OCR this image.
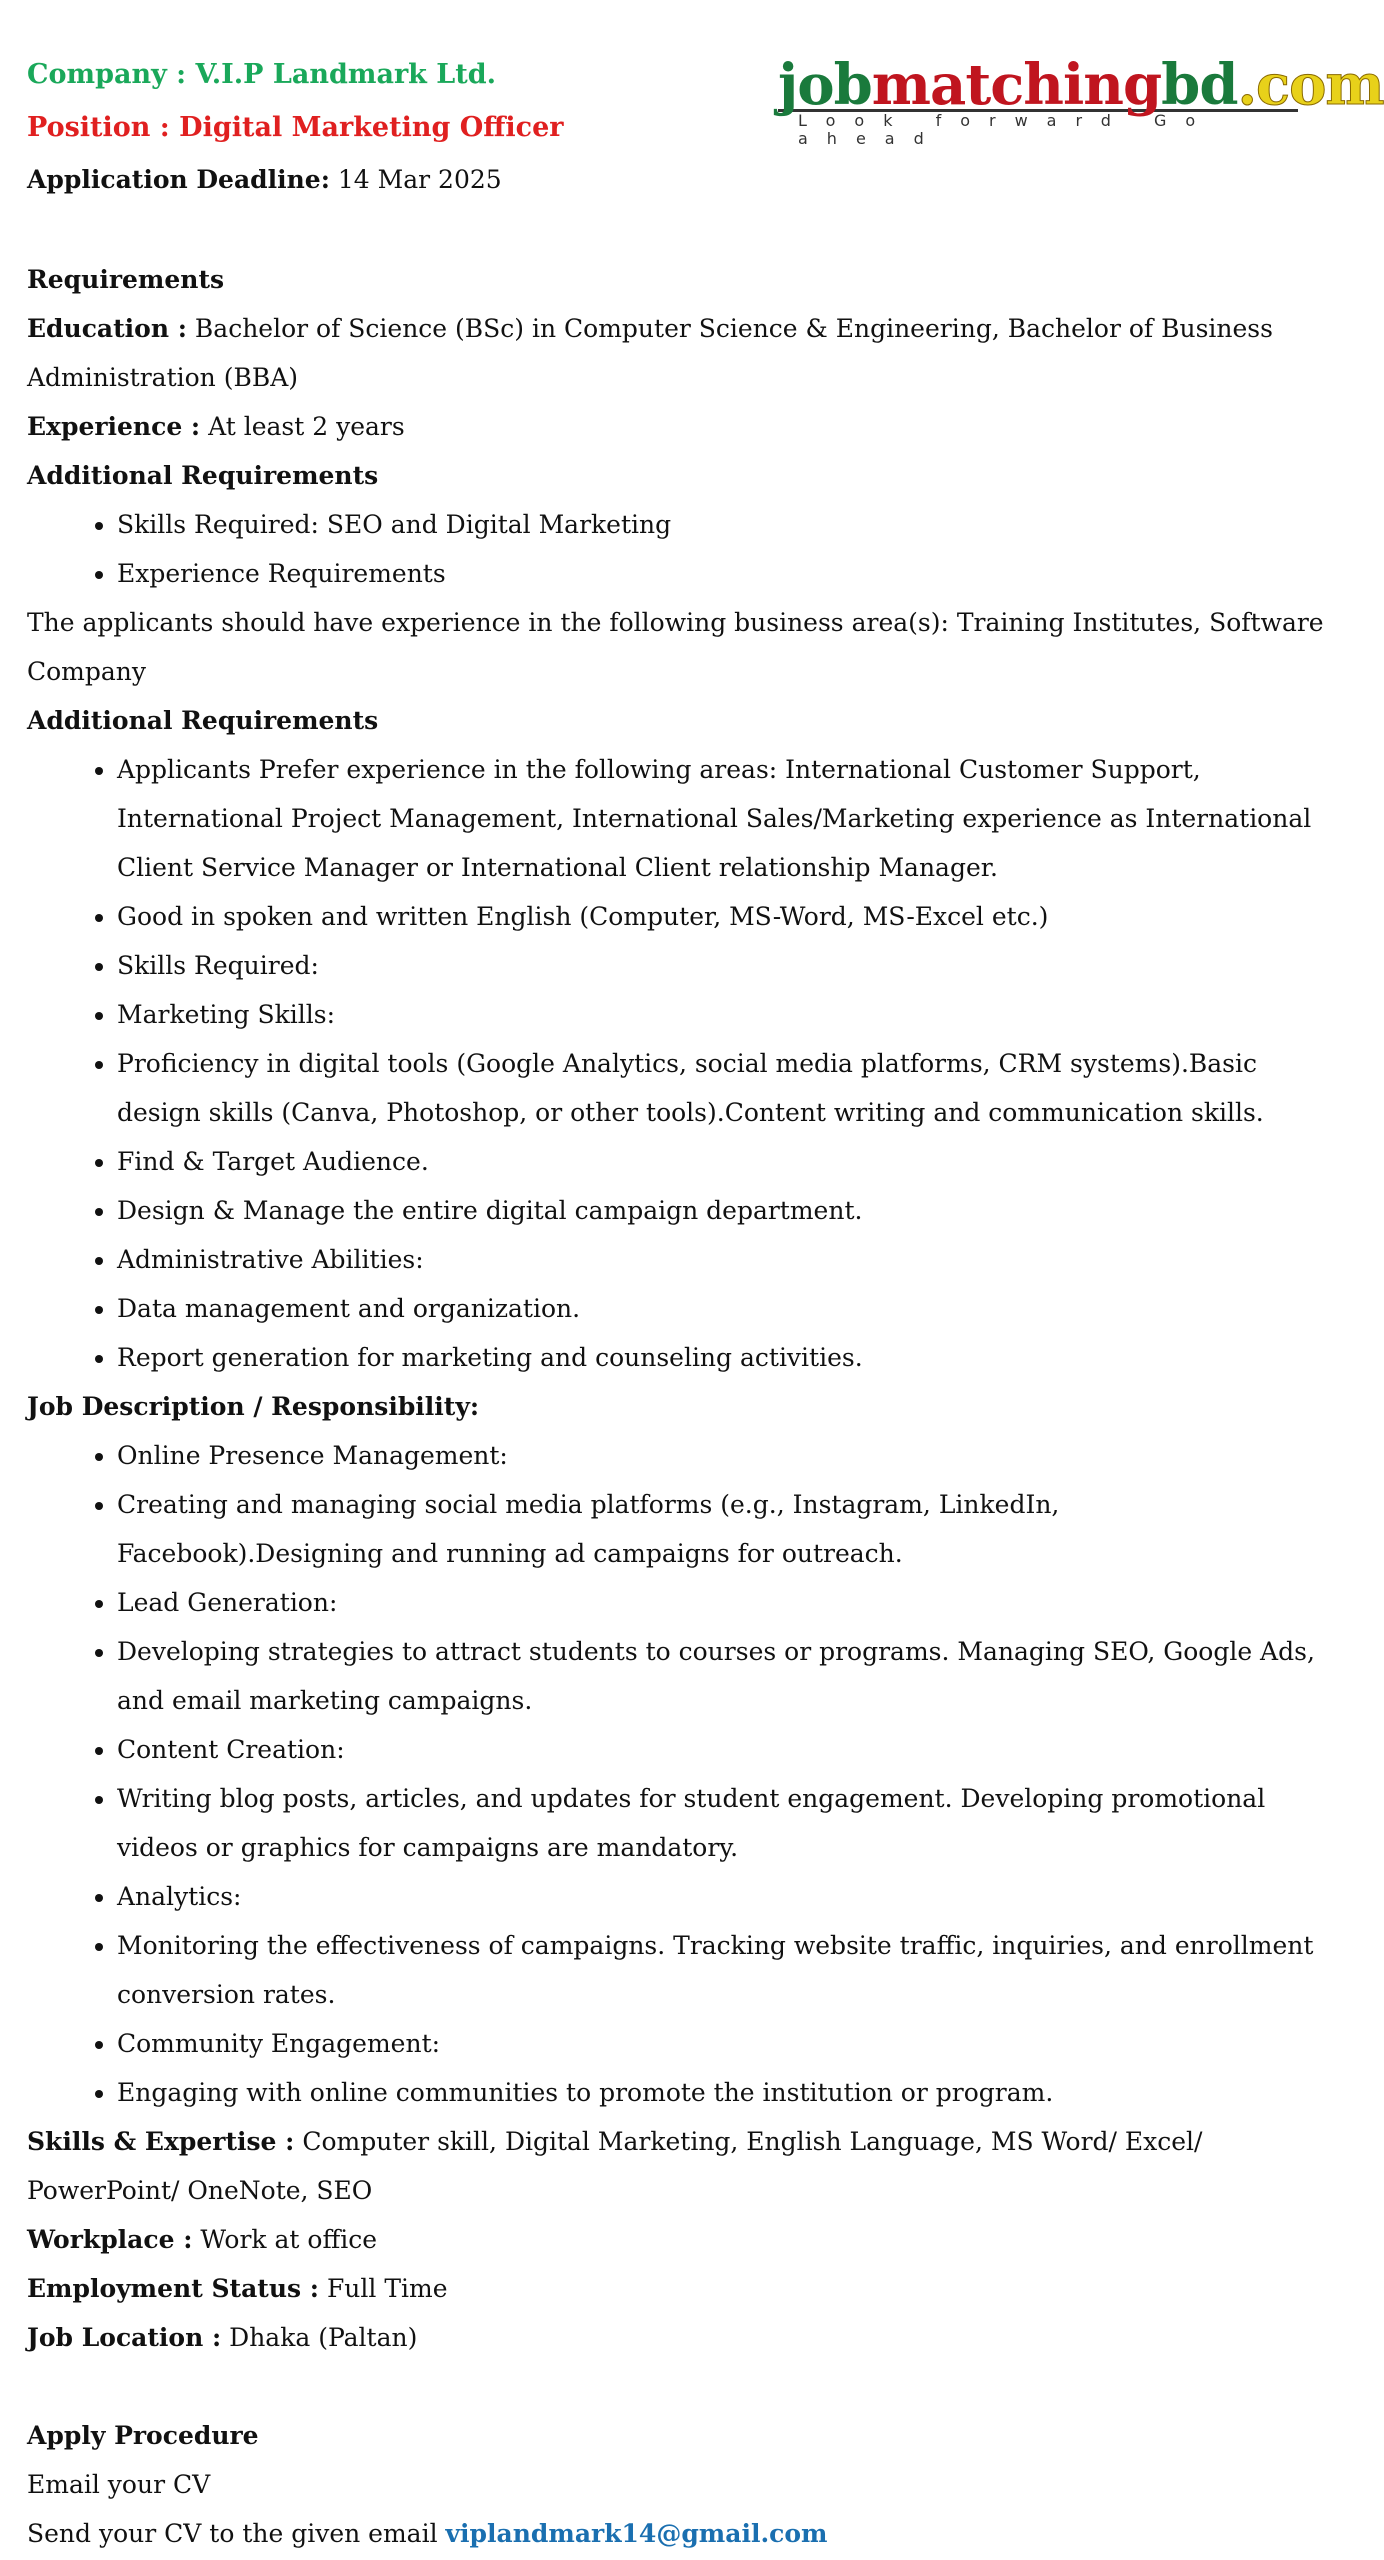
Company : V.I.P Landmark Ltd.
Position : Digital Marketing Officer
Application Deadline: 14 Mar 2025
jobmatchingbd.com
Look forward Go ahead

Requirements

Education : Bachelor of Science (BSc) in Computer Science & Engineering, Bachelor of Business Administration (BBA)

Experience : At least 2 years

Additional Requirements

• Skills Required: SEO and Digital Marketing
• Experience Requirements

The applicants should have experience in the following business area(s): Training Institutes, Software Company

Additional Requirements

• Applicants Prefer experience in the following areas: International Customer Support, International Project Management, International Sales/Marketing experience as International Client Service Manager or International Client relationship Manager.
• Good in spoken and written English (Computer, MS-Word, MS-Excel etc.)
• Skills Required:
• Marketing Skills:
• Proficiency in digital tools (Google Analytics, social media platforms, CRM systems).Basic design skills (Canva, Photoshop, or other tools).Content writing and communication skills.
• Find & Target Audience.
• Design & Manage the entire digital campaign department.
• Administrative Abilities:
• Data management and organization.
• Report generation for marketing and counseling activities.

Job Description / Responsibility:

• Online Presence Management:
• Creating and managing social media platforms (e.g., Instagram, LinkedIn, Facebook).Designing and running ad campaigns for outreach.
• Lead Generation:
• Developing strategies to attract students to courses or programs. Managing SEO, Google Ads, and email marketing campaigns.
• Content Creation:
• Writing blog posts, articles, and updates for student engagement. Developing promotional videos or graphics for campaigns are mandatory.
• Analytics:
• Monitoring the effectiveness of campaigns. Tracking website traffic, inquiries, and enrollment conversion rates.
• Community Engagement:
• Engaging with online communities to promote the institution or program.

Skills & Expertise : Computer skill, Digital Marketing, English Language, MS Word/ Excel/ PowerPoint/ OneNote, SEO

Workplace : Work at office

Employment Status : Full Time

Job Location : Dhaka (Paltan)

Apply Procedure

Email your CV

Send your CV to the given email viplandmark14@gmail.com
